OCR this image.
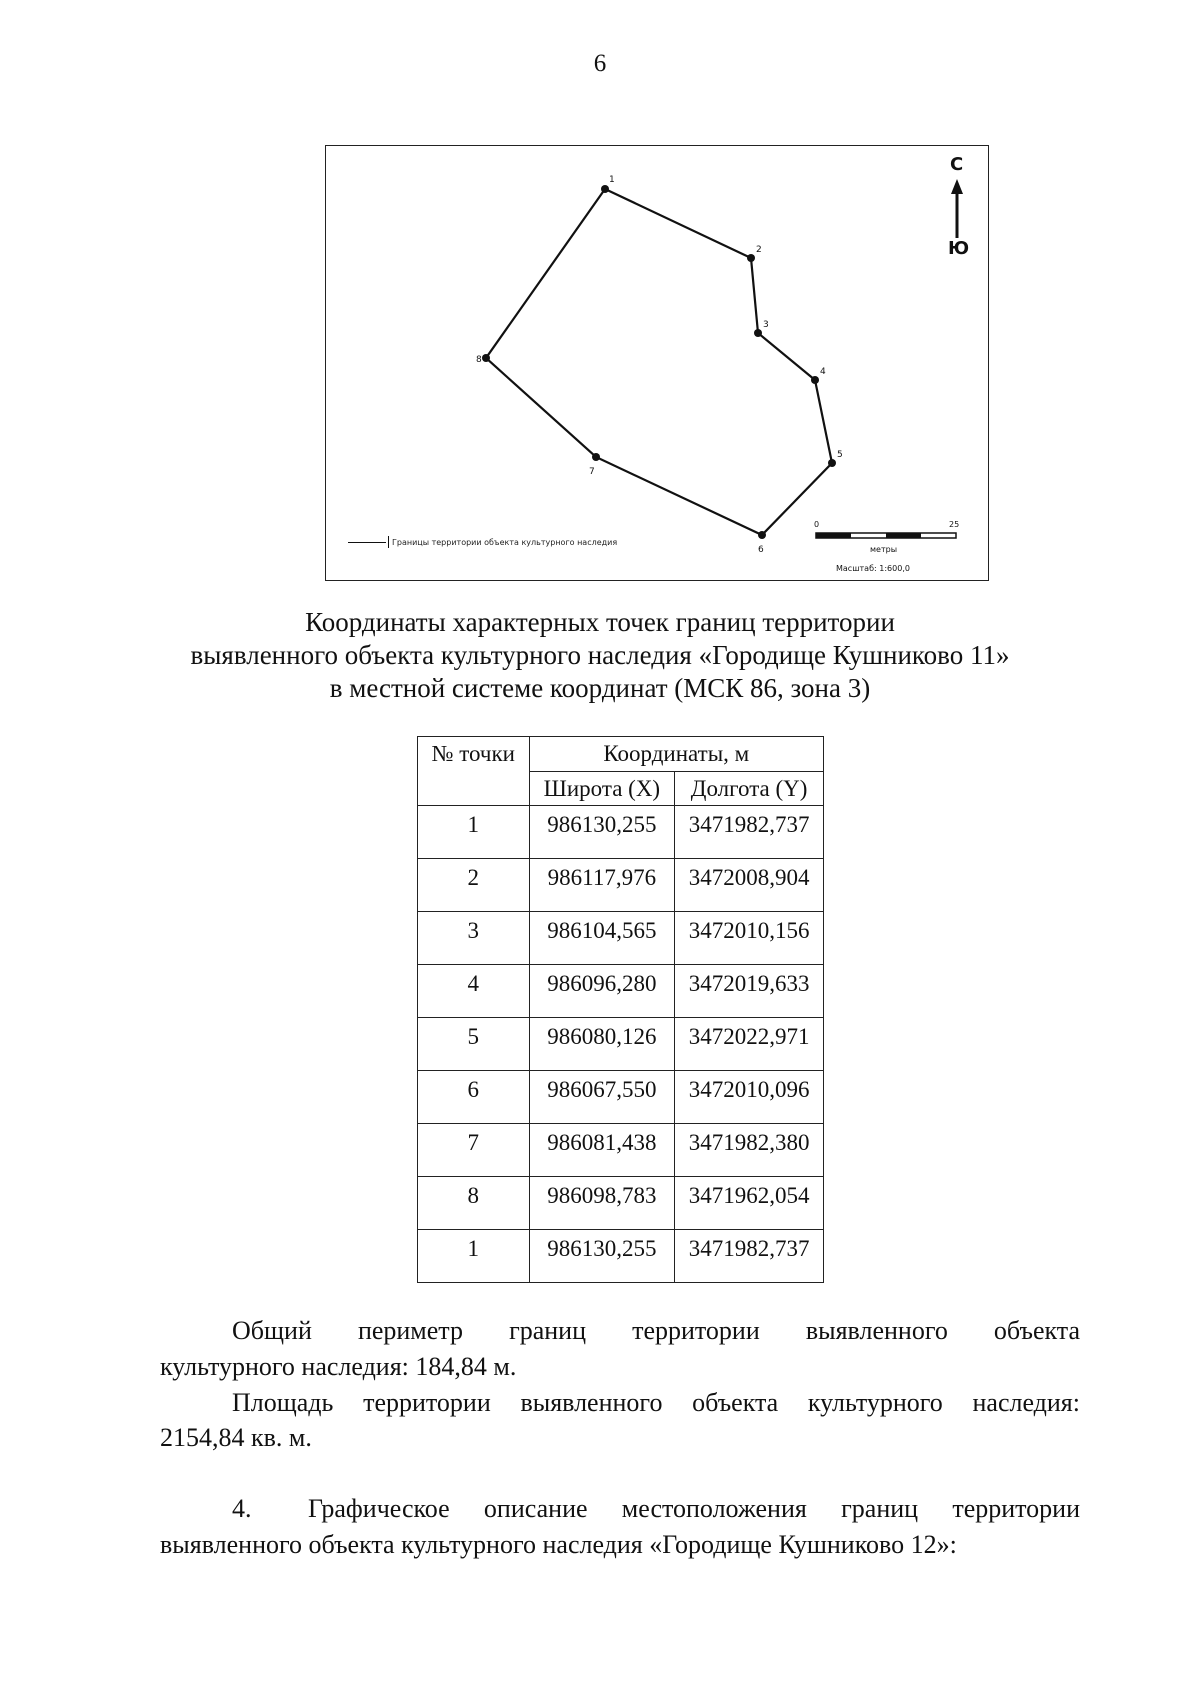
6
1
2
3
4
5
6
7
8
С
Ю
Границы территории объекта культурного наследия
0	25
метры
Масштаб: 1:600,0
Координаты характерных точек границ территории
выявленного объекта культурного наследия «Городище Кушниково 11»
в местной системе координат (МСК 86, зона 3)
№ точки	Координаты, м	
	Широта (X)	Долгота (Y)
1	986130,255	3471982,737
2	986117,976	3472008,904
3	986104,565	3472010,156
4	986096,280	3472019,633
5	986080,126	3472022,971
6	986067,550	3472010,096
7	986081,438	3471982,380
8	986098,783	3471962,054
1	986130,255	3471982,737
Общий периметр границ территории выявленного объекта
культурного наследия: 184,84 м.
Площадь территории выявленного объекта культурного наследия:
2154,84 кв. м.
4.	Графическое описание местоположения границ территории
выявленного объекта культурного наследия «Городище Кушниково 12»:
